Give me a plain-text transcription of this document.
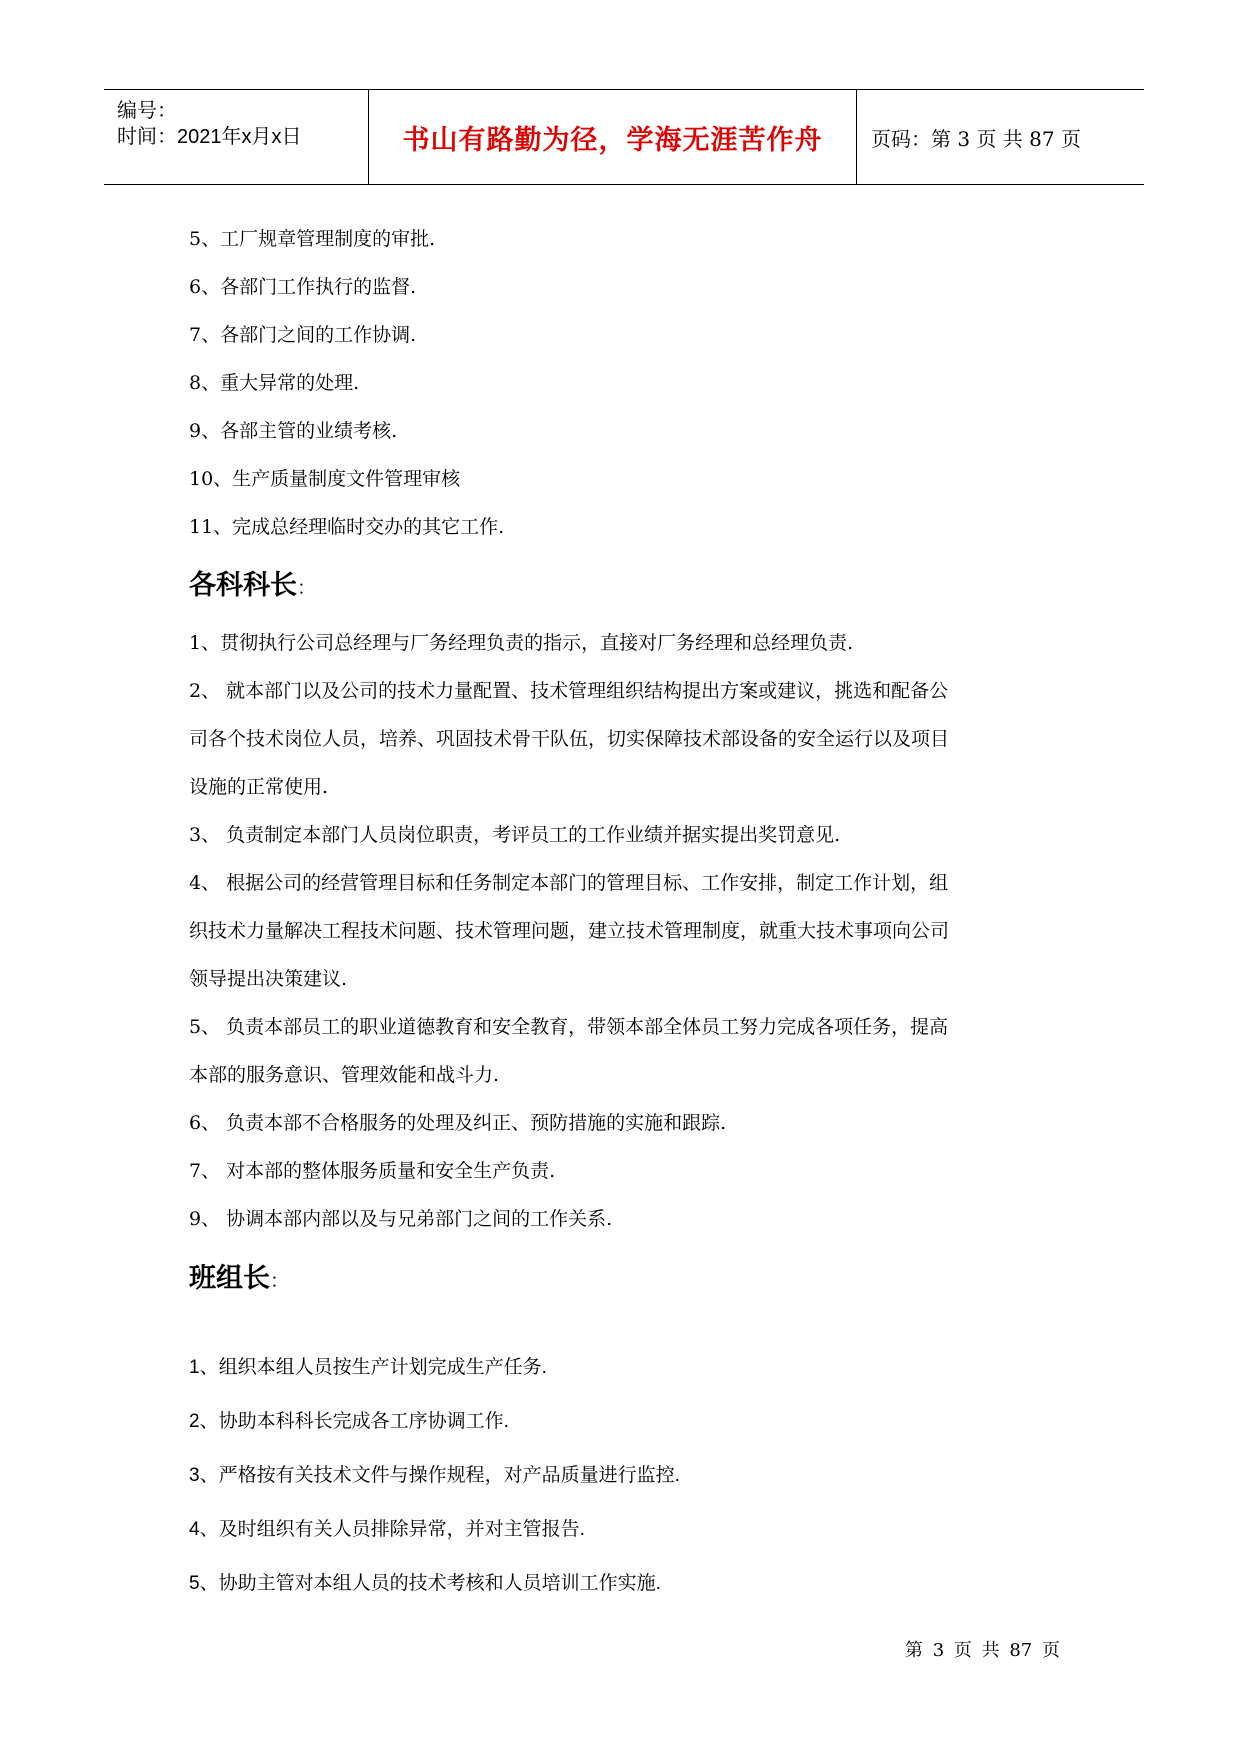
编号：
时间：2021年x月x日	书山有路勤为径，学海无涯苦作舟 页码：第 3 页 共 87 页
5、工厂规章管理制度的审批.
6、各部门工作执行的监督.
7、各部门之间的工作协调.
8、重大异常的处理.
9、各部主管的业绩考核.
10、生产质量制度文件管理审核
11、完成总经理临时交办的其它工作.
各科科长：
1、贯彻执行公司总经理与厂务经理负责的指示，直接对厂务经理和总经理负责.
2、 就本部门以及公司的技术力量配置、技术管理组织结构提出方案或建议，挑选和配备公
司各个技术岗位人员，培养、巩固技术骨干队伍，切实保障技术部设备的安全运行以及项目
设施的正常使用.
3、 负责制定本部门人员岗位职责，考评员工的工作业绩并据实提出奖罚意见.
4、 根据公司的经营管理目标和任务制定本部门的管理目标、工作安排，制定工作计划，组
织技术力量解决工程技术问题、技术管理问题，建立技术管理制度，就重大技术事项向公司
领导提出决策建议.
5、 负责本部员工的职业道德教育和安全教育，带领本部全体员工努力完成各项任务，提高
本部的服务意识、管理效能和战斗力.
6、 负责本部不合格服务的处理及纠正、预防措施的实施和跟踪.
7、 对本部的整体服务质量和安全生产负责.
9、 协调本部内部以及与兄弟部门之间的工作关系.
班组长：
1、组织本组人员按生产计划完成生产任务.
2、协助本科科长完成各工序协调工作.
3、严格按有关技术文件与操作规程，对产品质量进行监控.
4、及时组织有关人员排除异常，并对主管报告.
5、协助主管对本组人员的技术考核和人员培训工作实施.
第 3 页 共 87 页
